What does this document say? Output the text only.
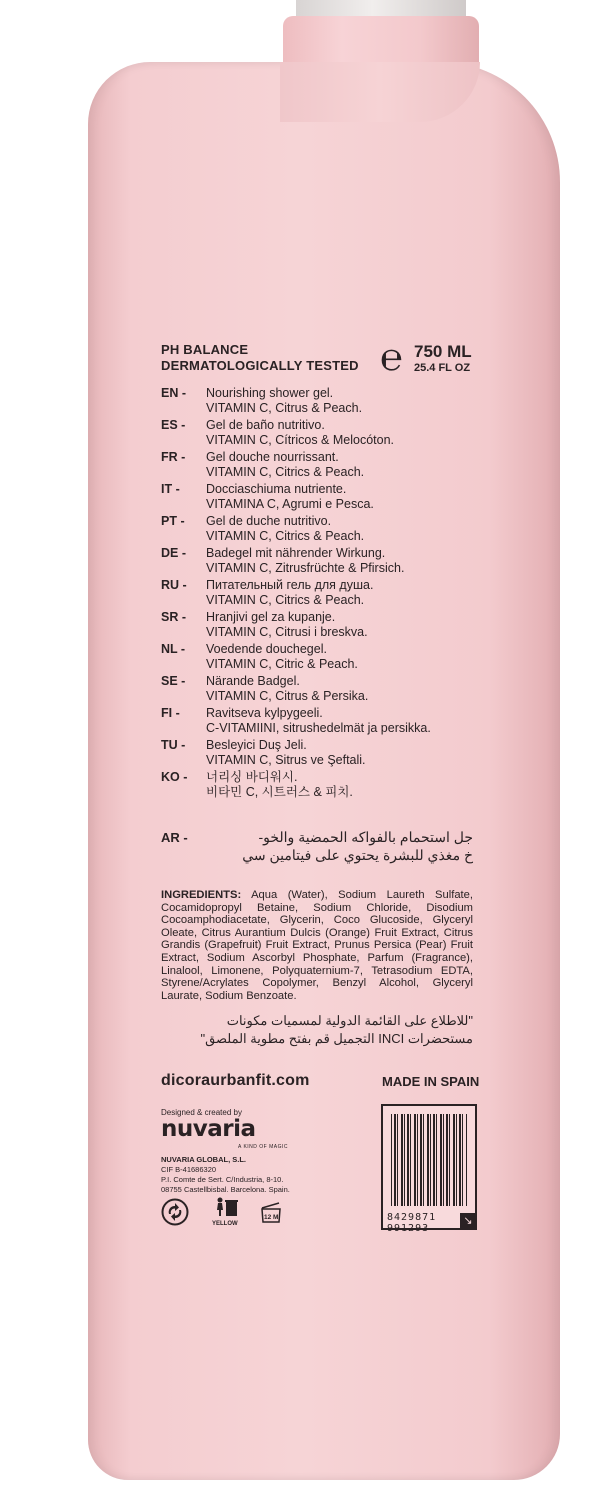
PH BALANCE
DERMATOLOGICALLY TESTED ℮ 750 ML
25.4 FL OZ
EN -	Nourishing shower gel.
VITAMIN C, Citrus & Peach.
ES -	Gel de baño nutritivo.
VITAMIN C, Cítricos & Melocóton.
FR -	Gel douche nourrissant.
VITAMIN C, Citrics & Peach.
IT -	Docciaschiuma nutriente.
VITAMINA C, Agrumi e Pesca.
PT -	Gel de duche nutritivo.
VITAMIN C, Citrics & Peach.
DE -	Badegel mit nährender Wirkung.
VITAMIN C, Zitrusfrüchte & Pfirsich.
RU -	Питательный гель для душа.
VITAMIN C, Citrics & Peach.
SR -	Hranjivi gel za kupanje.
VITAMIN C, Citrusi i breskva.
NL -	Voedende douchegel.
VITAMIN C, Citric & Peach.
SE -	Närande Badgel.
VITAMIN C, Citrus & Persika.
FI -	Ravitseva kylpygeeli.
C-VITAMIINI, sitrushedelmät ja persikka.
TU -	Besleyici Duş Jeli.
VITAMIN C, Sitrus ve Şeftali.
KO -	너리싱 바디워시.
비타민 C, 시트러스 & 피치.
AR -	جل استحمام بالفواكه الحمضية والخو-
خ مغذي للبشرة يحتوي على فيتامين سي
INGREDIENTS: Aqua (Water), Sodium Laureth Sulfate, Cocamidopropyl Betaine, Sodium Chloride, Disodium Cocoamphodiacetate, Glycerin, Coco Glucoside, Glyceryl Oleate, Citrus Aurantium Dulcis (Orange) Fruit Extract, Citrus Grandis (Grapefruit) Fruit Extract, Prunus Persica (Pear) Fruit Extract, Sodium Ascorbyl Phosphate, Parfum (Fragrance), Linalool, Limonene, Polyquaternium-7, Tetrasodium EDTA, Styrene/Acrylates Copolymer, Benzyl Alcohol, Glyceryl Laurate, Sodium Benzoate.
"للاطلاع على القائمة الدولية لمسميات مكونات
مستحضرات INCI التجميل قم بفتح مطوية الملصق"
dicoraurbanfit.com	MADE IN SPAIN
Designed & created by
nuvaria
A KIND OF MAGIC
NUVARIA GLOBAL, S.L.
CIF B-41686320
P.I. Comte de Sert. C/Industria, 8-10.
08755 Castellbisbal. Barcelona. Spain.
YELLOW
12 M	8429871 991293
↘
